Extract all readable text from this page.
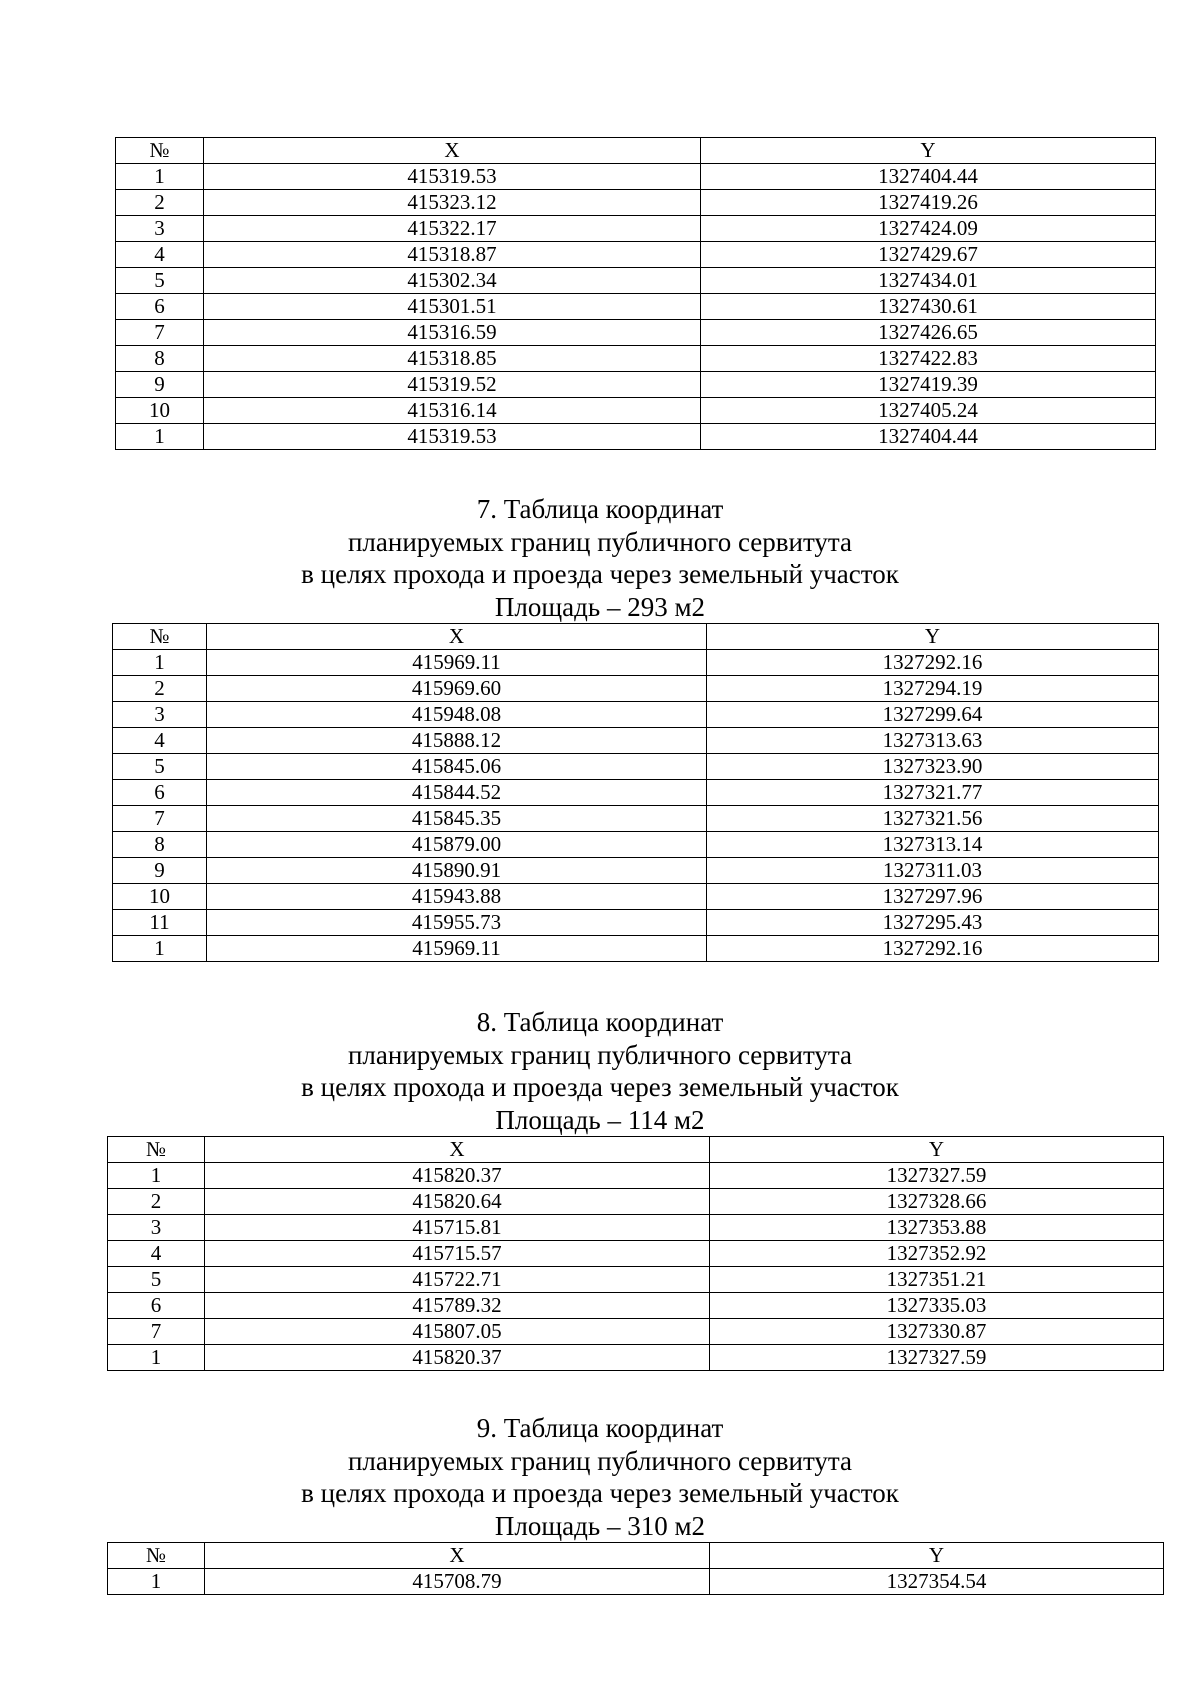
№	X	Y
1	415319.53	1327404.44
2	415323.12	1327419.26
3	415322.17	1327424.09
4	415318.87	1327429.67
5	415302.34	1327434.01
6	415301.51	1327430.61
7	415316.59	1327426.65
8	415318.85	1327422.83
9	415319.52	1327419.39
10	415316.14	1327405.24
1	415319.53	1327404.44
7. Таблица координат
планируемых границ публичного сервитута
в целях прохода и проезда через земельный участок
Площадь – 293 м2
№	X	Y
1	415969.11	1327292.16
2	415969.60	1327294.19
3	415948.08	1327299.64
4	415888.12	1327313.63
5	415845.06	1327323.90
6	415844.52	1327321.77
7	415845.35	1327321.56
8	415879.00	1327313.14
9	415890.91	1327311.03
10	415943.88	1327297.96
11	415955.73	1327295.43
1	415969.11	1327292.16
8. Таблица координат
планируемых границ публичного сервитута
в целях прохода и проезда через земельный участок
Площадь – 114 м2
№	X	Y
1	415820.37	1327327.59
2	415820.64	1327328.66
3	415715.81	1327353.88
4	415715.57	1327352.92
5	415722.71	1327351.21
6	415789.32	1327335.03
7	415807.05	1327330.87
1	415820.37	1327327.59
9. Таблица координат
планируемых границ публичного сервитута
в целях прохода и проезда через земельный участок
Площадь – 310 м2
№	X	Y
1	415708.79	1327354.54
